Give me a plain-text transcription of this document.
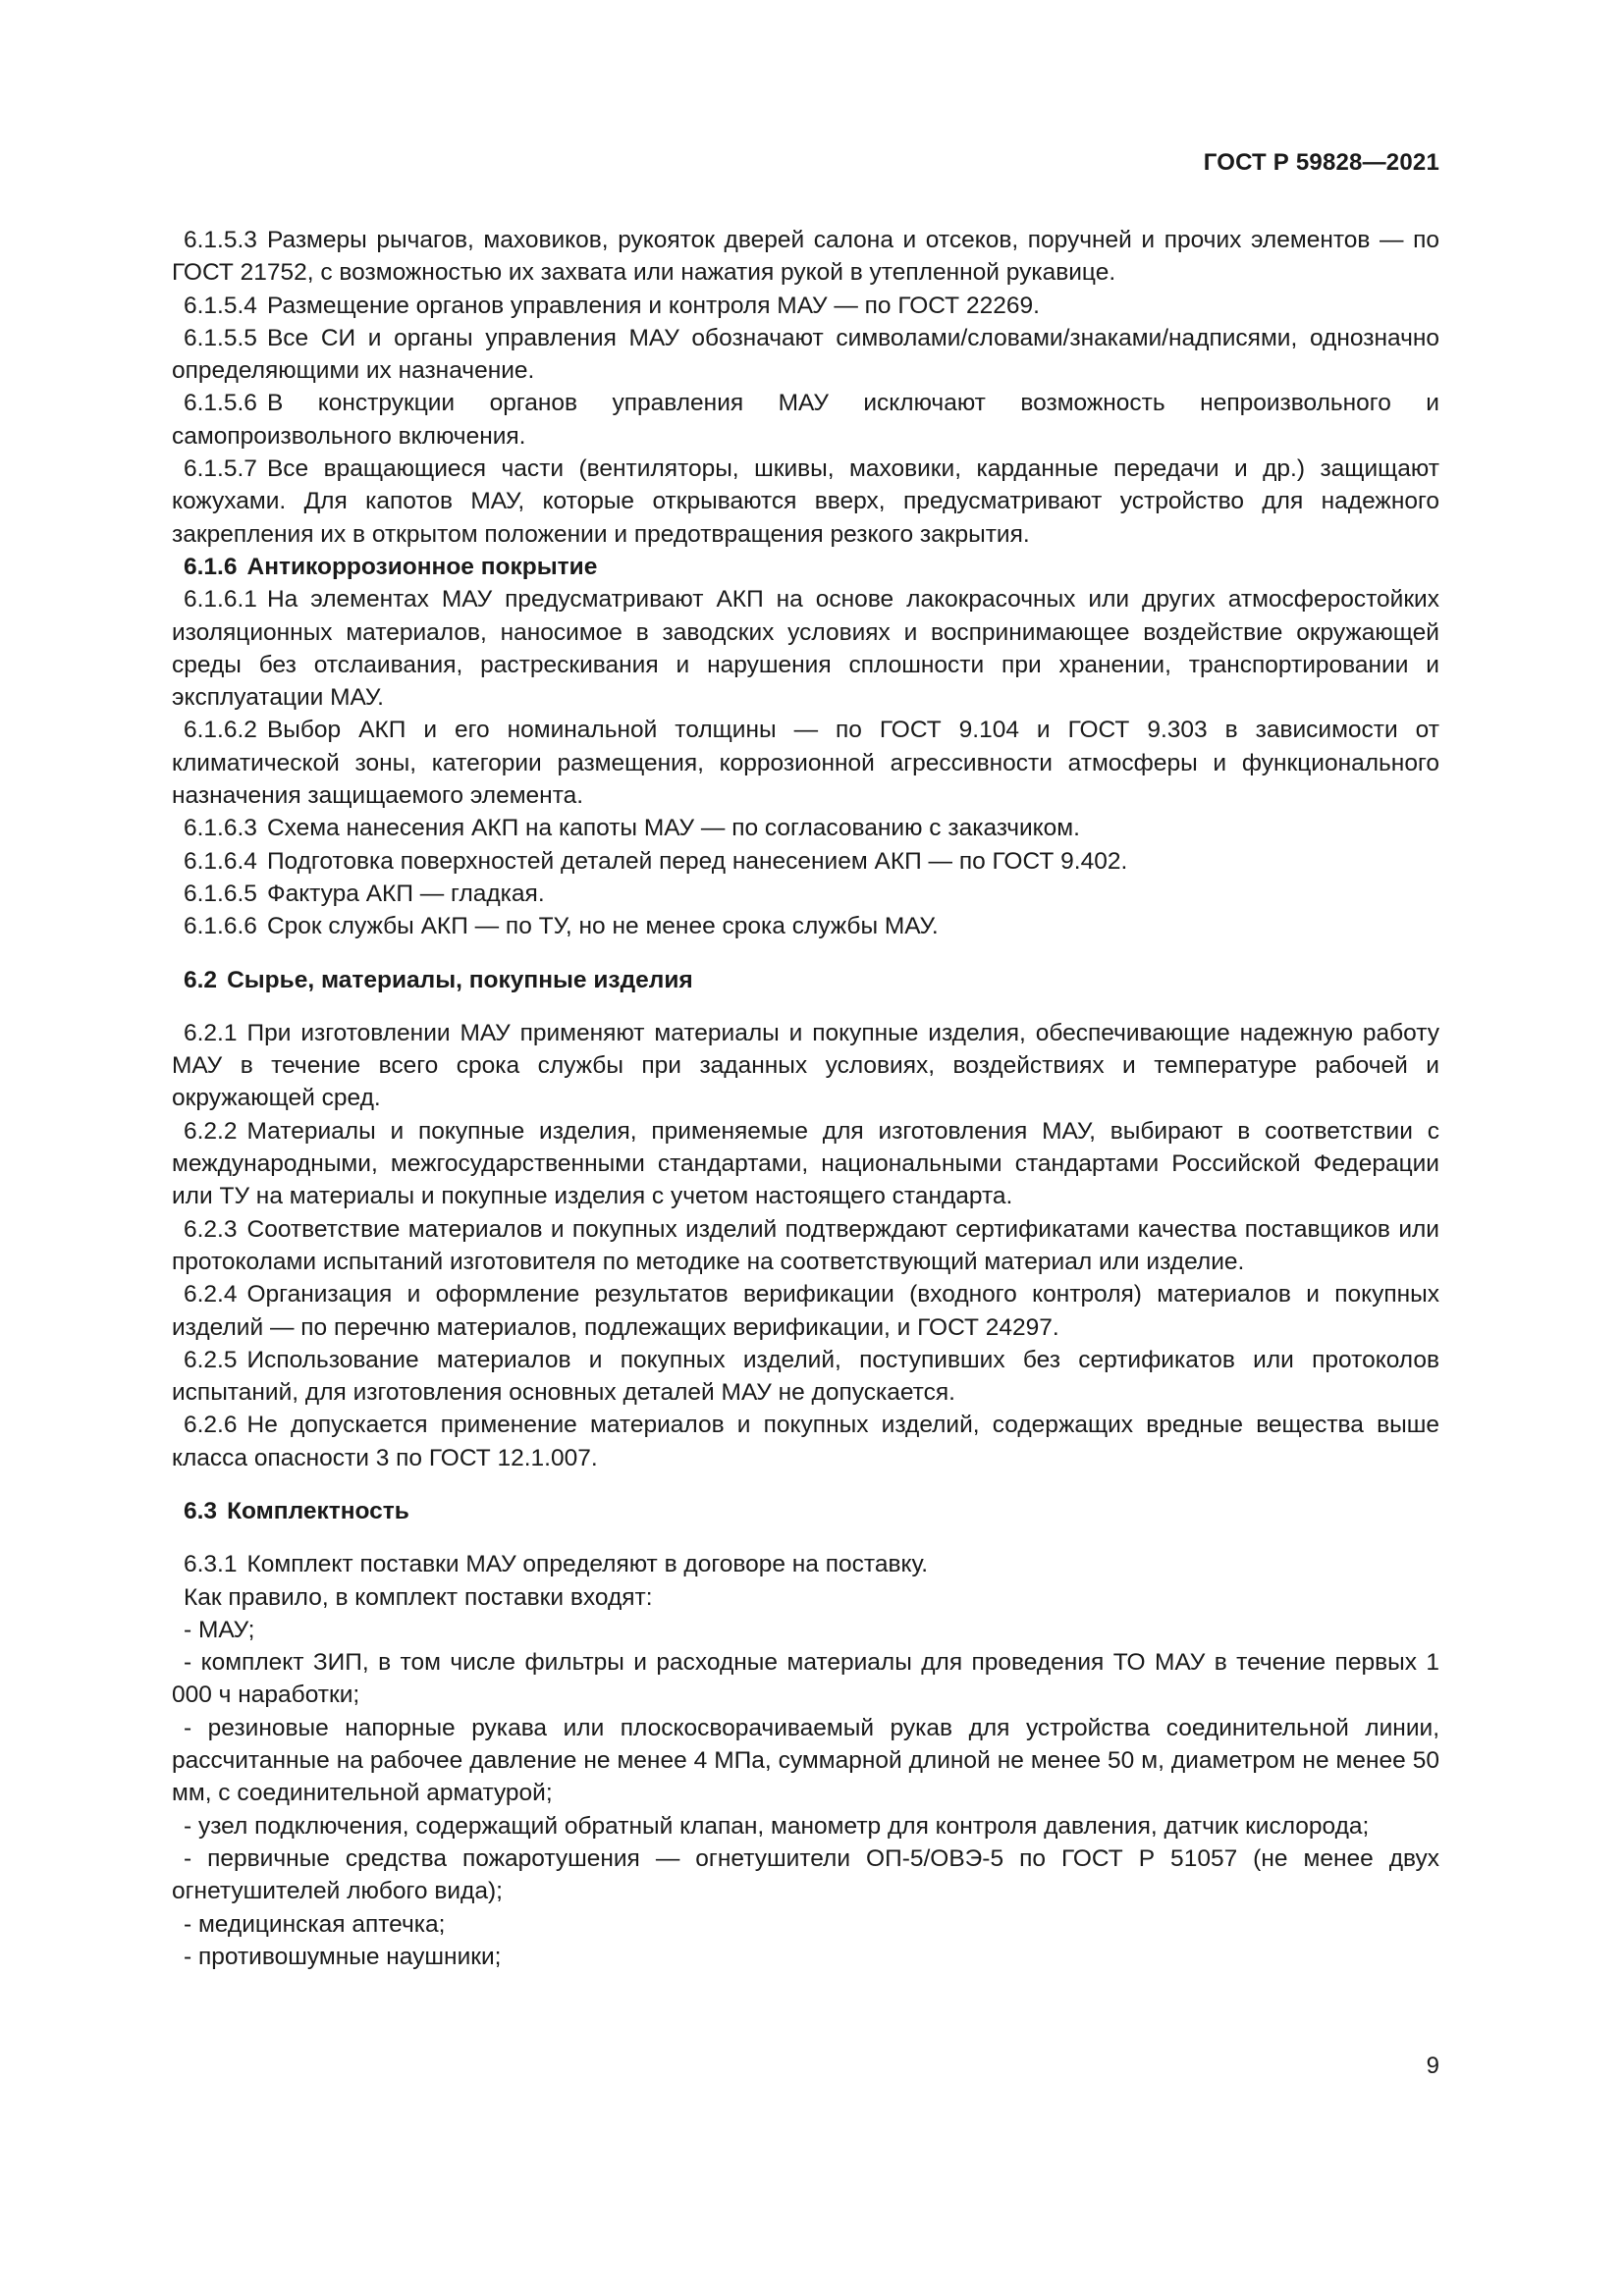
ГОСТ Р 59828—2021

6.1.5.3 Размеры рычагов, маховиков, рукояток дверей салона и отсеков, поручней и прочих элементов — по ГОСТ 21752, с возможностью их захвата или нажатия рукой в утепленной рукавице.

6.1.5.4 Размещение органов управления и контроля МАУ — по ГОСТ 22269.

6.1.5.5 Все СИ и органы управления МАУ обозначают символами/словами/знаками/надписями, однозначно определяющими их назначение.

6.1.5.6 В конструкции органов управления МАУ исключают возможность непроизвольного и самопроизвольного включения.

6.1.5.7 Все вращающиеся части (вентиляторы, шкивы, маховики, карданные передачи и др.) защищают кожухами. Для капотов МАУ, которые открываются вверх, предусматривают устройство для надежного закрепления их в открытом положении и предотвращения резкого закрытия.

6.1.6 Антикоррозионное покрытие

6.1.6.1 На элементах МАУ предусматривают АКП на основе лакокрасочных или других атмосферостойких изоляционных материалов, наносимое в заводских условиях и воспринимающее воздействие окружающей среды без отслаивания, растрескивания и нарушения сплошности при хранении, транспортировании и эксплуатации МАУ.

6.1.6.2 Выбор АКП и его номинальной толщины — по ГОСТ 9.104 и ГОСТ 9.303 в зависимости от климатической зоны, категории размещения, коррозионной агрессивности атмосферы и функционального назначения защищаемого элемента.

6.1.6.3 Схема нанесения АКП на капоты МАУ — по согласованию с заказчиком.

6.1.6.4 Подготовка поверхностей деталей перед нанесением АКП — по ГОСТ 9.402.

6.1.6.5 Фактура АКП — гладкая.

6.1.6.6 Срок службы АКП — по ТУ, но не менее срока службы МАУ.

6.2 Сырье, материалы, покупные изделия

6.2.1 При изготовлении МАУ применяют материалы и покупные изделия, обеспечивающие надежную работу МАУ в течение всего срока службы при заданных условиях, воздействиях и температуре рабочей и окружающей сред.

6.2.2 Материалы и покупные изделия, применяемые для изготовления МАУ, выбирают в соответствии с международными, межгосударственными стандартами, национальными стандартами Российской Федерации или ТУ на материалы и покупные изделия с учетом настоящего стандарта.

6.2.3 Соответствие материалов и покупных изделий подтверждают сертификатами качества поставщиков или протоколами испытаний изготовителя по методике на соответствующий материал или изделие.

6.2.4 Организация и оформление результатов верификации (входного контроля) материалов и покупных изделий — по перечню материалов, подлежащих верификации, и ГОСТ 24297.

6.2.5 Использование материалов и покупных изделий, поступивших без сертификатов или протоколов испытаний, для изготовления основных деталей МАУ не допускается.

6.2.6 Не допускается применение материалов и покупных изделий, содержащих вредные вещества выше класса опасности 3 по ГОСТ 12.1.007.

6.3 Комплектность

6.3.1 Комплект поставки МАУ определяют в договоре на поставку.

Как правило, в комплект поставки входят:

- МАУ;

- комплект ЗИП, в том числе фильтры и расходные материалы для проведения ТО МАУ в течение первых 1 000 ч наработки;

- резиновые напорные рукава или плоскосворачиваемый рукав для устройства соединительной линии, рассчитанные на рабочее давление не менее 4 МПа, суммарной длиной не менее 50 м, диаметром не менее 50 мм, с соединительной арматурой;

- узел подключения, содержащий обратный клапан, манометр для контроля давления, датчик кислорода;

- первичные средства пожаротушения — огнетушители ОП-5/ОВЭ-5 по ГОСТ Р 51057 (не менее двух огнетушителей любого вида);

- медицинская аптечка;

- противошумные наушники;

9
